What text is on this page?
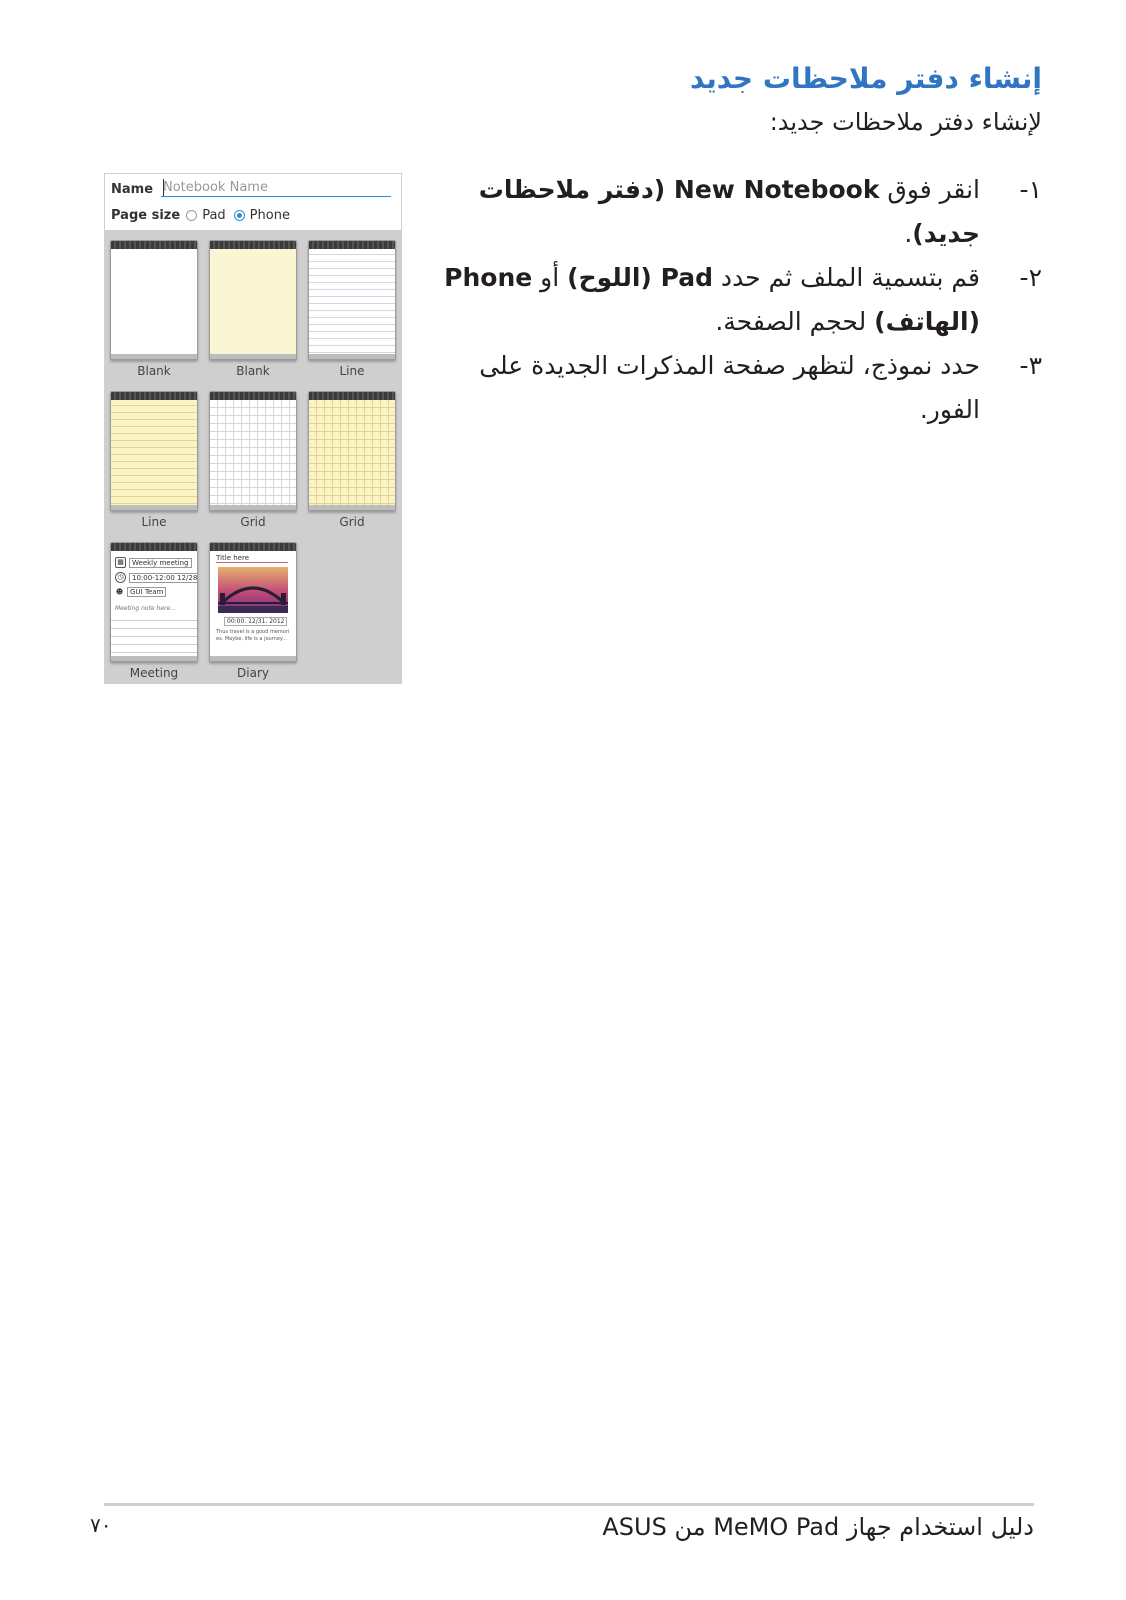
إنشاء دفتر ملاحظات جديد
لإنشاء دفتر ملاحظات جديد:
١-
انقر فوق New Notebook (دفتر ملاحظات جديد).
٢-
قم بتسمية الملف ثم حدد Pad (اللوح) أو Phone (الهاتف) لحجم الصفحة.
٣-
حدد نموذج، لتظهر صفحة المذكرات الجديدة على الفور.
Name
Notebook Name
Page size Pad Phone
Blank	Blank	Line
Line	Grid	Grid
▦	Weekly meeting
◷	10:00-12:00 12/28
☻ GUI Team
Meeting note here...
Meeting
Title here
00:00. 12/31. 2012
Thus travel is a good memori es. Maybe, life is a journey...
Diary
٧٠	دليل استخدام جهاز MeMO Pad من ASUS
